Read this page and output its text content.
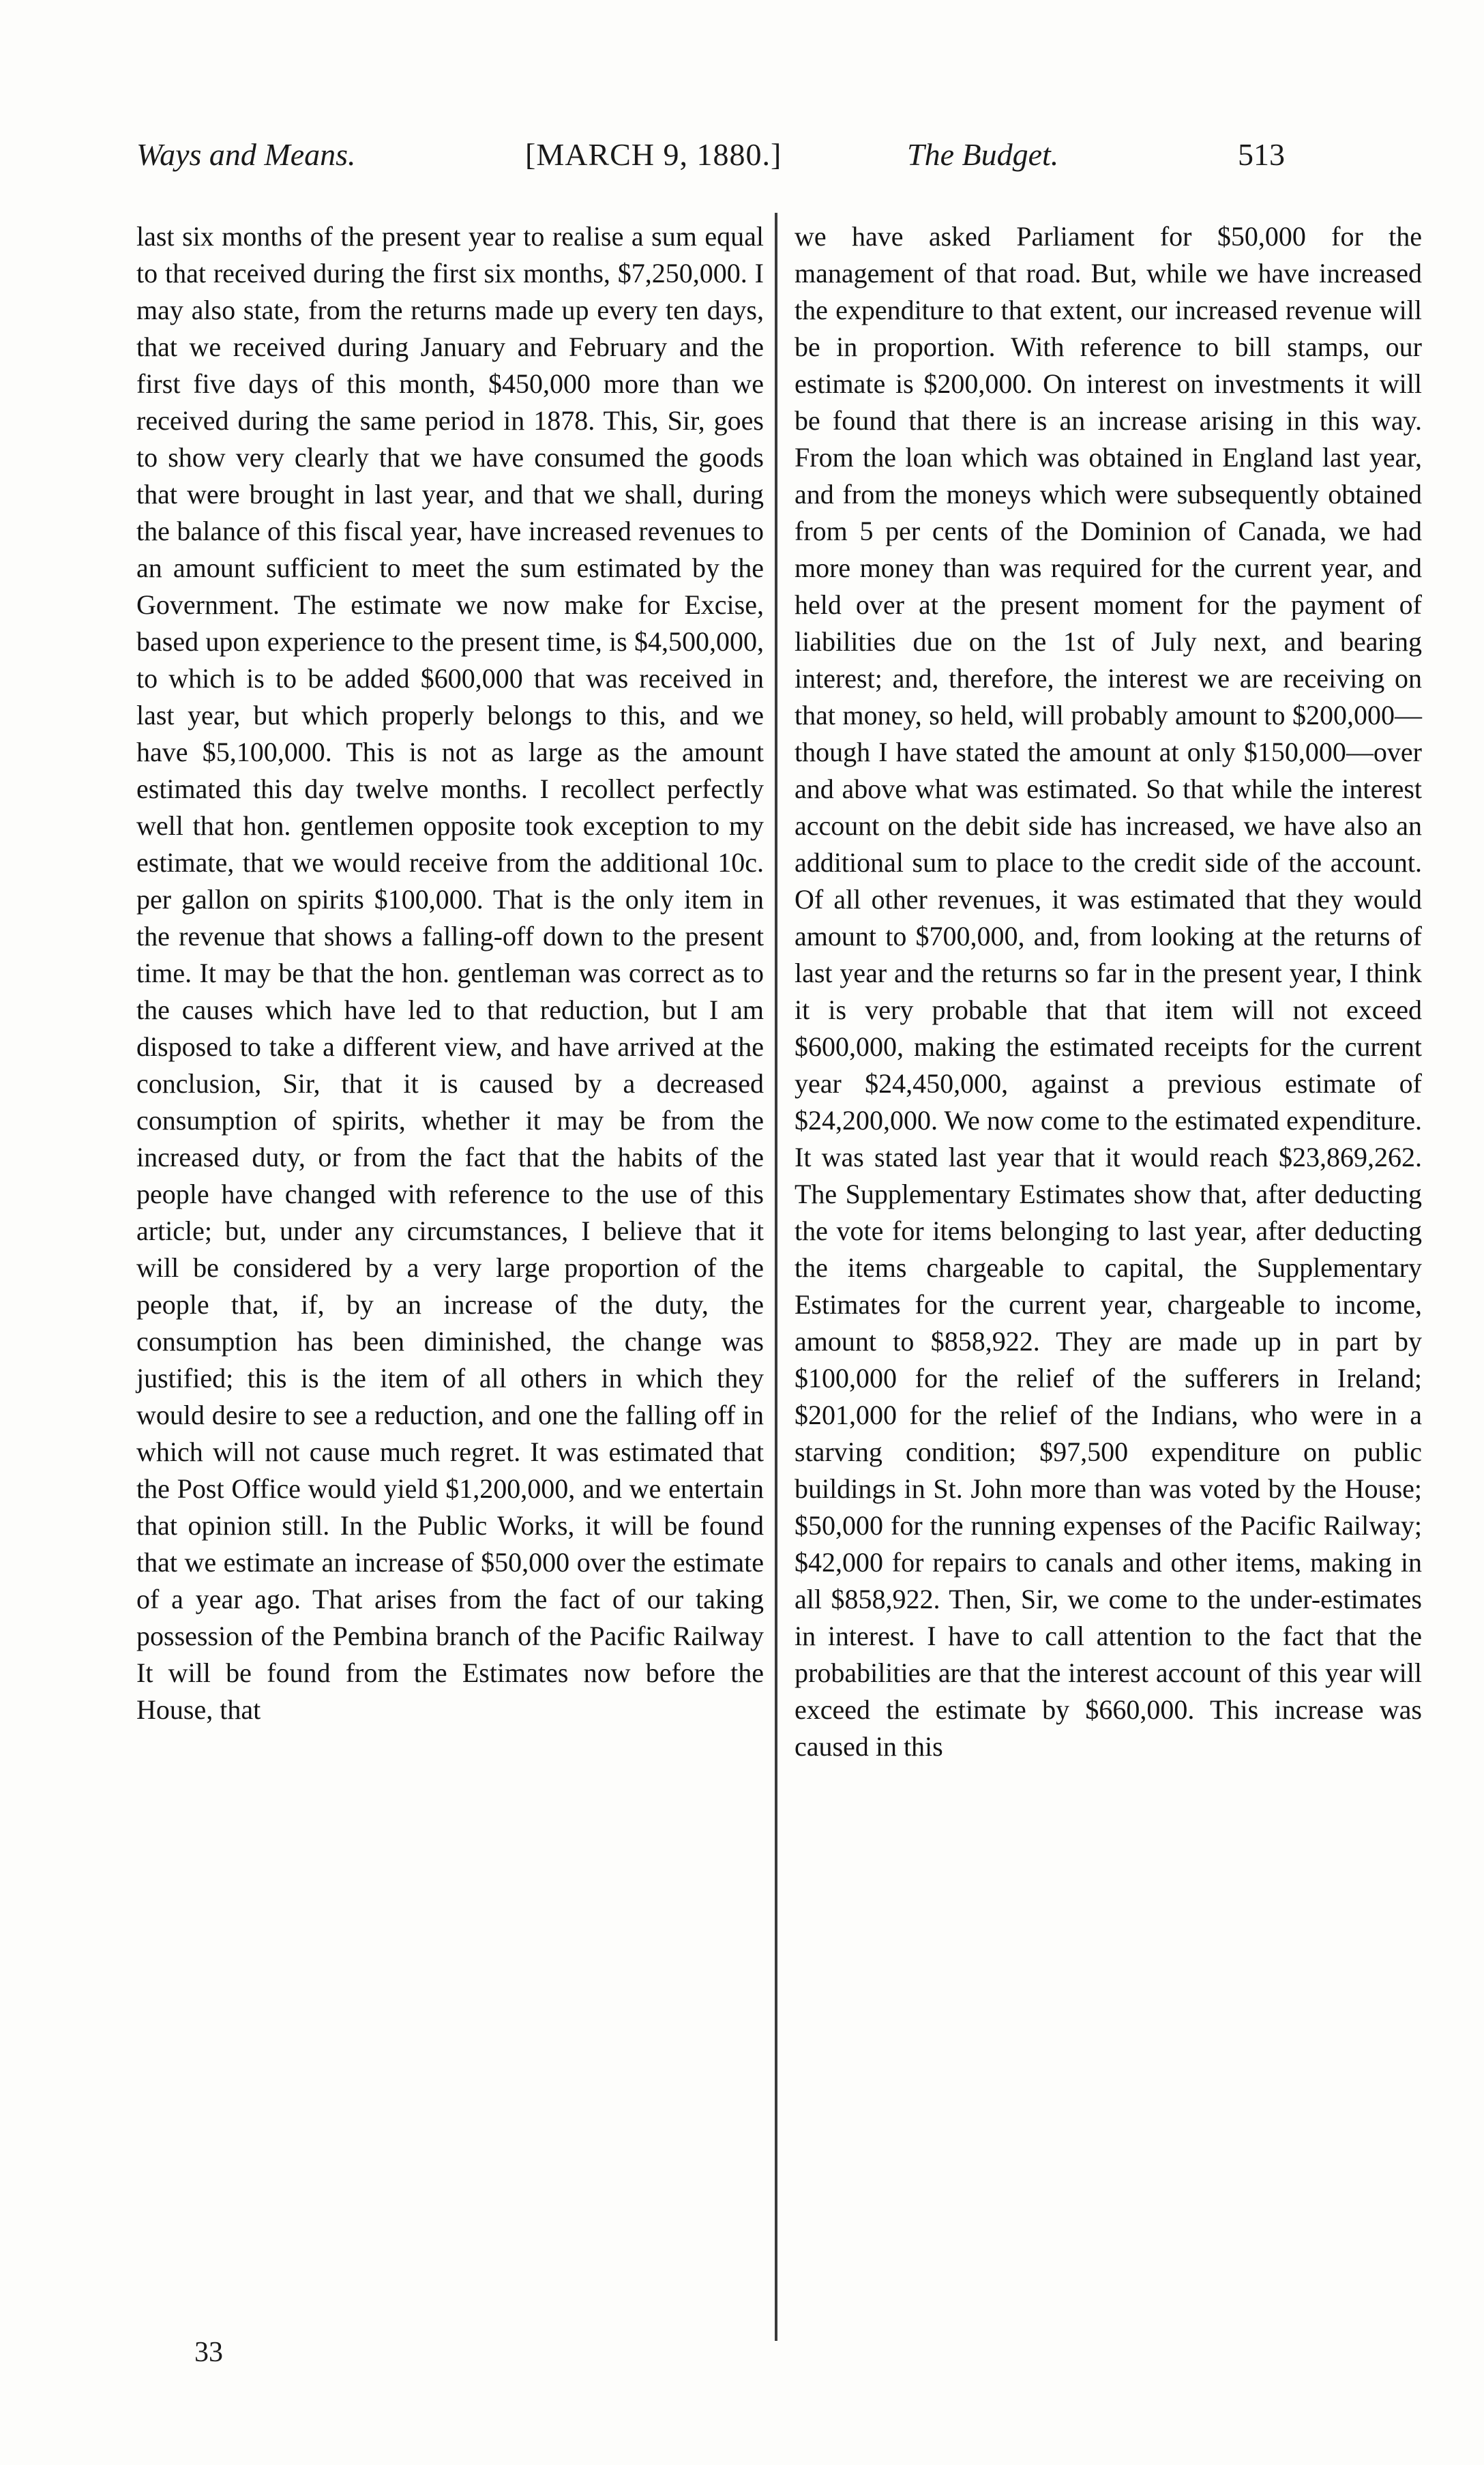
Ways and Means.	[MARCH 9, 1880.]	The Budget.	513
last six months of the present year to realise a sum equal to that received during the first six months, $7,250,000. I may also state, from the returns made up every ten days, that we received during January and February and the first five days of this month, $450,000 more than we received during the same period in 1878. This, Sir, goes to show very clearly that we have consumed the goods that were brought in last year, and that we shall, during the balance of this fiscal year, have increased revenues to an amount sufficient to meet the sum estimated by the Government. The estimate we now make for Excise, based upon experience to the present time, is $4,500,000, to which is to be added $600,000 that was received in last year, but which properly belongs to this, and we have $5,100,000. This is not as large as the amount estimated this day twelve months. I recollect perfectly well that hon. gentlemen opposite took exception to my estimate, that we would receive from the additional 10c. per gallon on spirits $100,000. That is the only item in the revenue that shows a falling-off down to the present time. It may be that the hon. gentleman was correct as to the causes which have led to that reduction, but I am disposed to take a different view, and have arrived at the conclusion, Sir, that it is caused by a decreased consumption of spirits, whether it may be from the increased duty, or from the fact that the habits of the people have changed with reference to the use of this article; but, under any circumstances, I believe that it will be considered by a very large proportion of the people that, if, by an increase of the duty, the consumption has been diminished, the change was justified; this is the item of all others in which they would desire to see a reduction, and one the falling off in which will not cause much regret. It was estimated that the Post Office would yield $1,200,000, and we entertain that opinion still. In the Public Works, it will be found that we estimate an increase of $50,000 over the estimate of a year ago. That arises from the fact of our taking possession of the Pembina branch of the Pacific Railway It will be found from the Estimates now before the House, that
we have asked Parliament for $50,000 for the management of that road. But, while we have increased the expenditure to that extent, our increased revenue will be in proportion. With reference to bill stamps, our estimate is $200,000. On interest on investments it will be found that there is an increase arising in this way. From the loan which was obtained in England last year, and from the moneys which were subsequently obtained from 5 per cents of the Dominion of Canada, we had more money than was required for the current year, and held over at the present moment for the payment of liabilities due on the 1st of July next, and bearing interest; and, therefore, the interest we are receiving on that money, so held, will probably amount to $200,000—though I have stated the amount at only $150,000—over and above what was estimated. So that while the interest account on the debit side has increased, we have also an additional sum to place to the credit side of the account. Of all other revenues, it was estimated that they would amount to $700,000, and, from looking at the returns of last year and the returns so far in the present year, I think it is very probable that that item will not exceed $600,000, making the estimated receipts for the current year $24,450,000, against a previous estimate of $24,200,000. We now come to the estimated expenditure. It was stated last year that it would reach $23,869,262. The Supplementary Estimates show that, after deducting the vote for items belonging to last year, after deducting the items chargeable to capital, the Supplementary Estimates for the current year, chargeable to income, amount to $858,922. They are made up in part by $100,000 for the relief of the sufferers in Ireland; $201,000 for the relief of the Indians, who were in a starving condition; $97,500 expenditure on public buildings in St. John more than was voted by the House; $50,000 for the running expenses of the Pacific Railway; $42,000 for repairs to canals and other items, making in all $858,922. Then, Sir, we come to the under-estimates in interest. I have to call attention to the fact that the probabilities are that the interest account of this year will exceed the estimate by $660,000. This increase was caused in this
33
